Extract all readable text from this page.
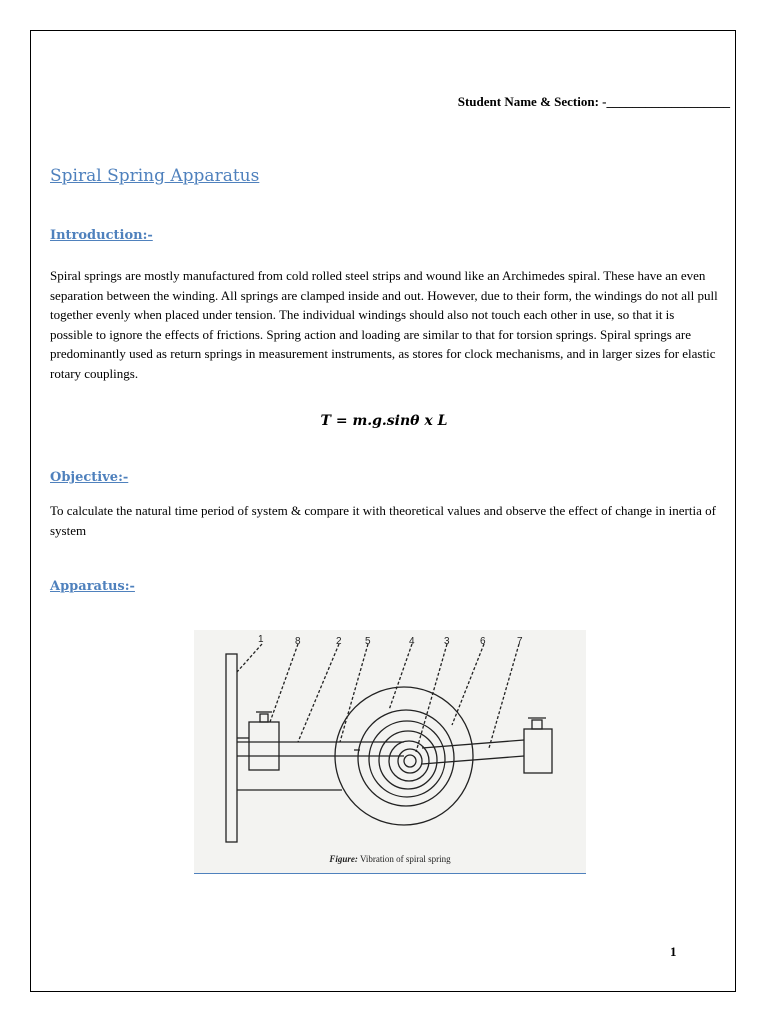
Student Name & Section: -___________________
Spiral Spring Apparatus
Introduction:-

Spiral springs are mostly manufactured from cold rolled steel strips and wound like an Archimedes spiral. These have an even separation between the winding. All springs are clamped inside and out. However, due to their form, the windings do not all pull together evenly when placed under tension. The individual windings should also not touch each other in use, so that it is possible to ignore the effects of frictions. Spring action and loading are similar to that for torsion springs. Spiral springs are predominantly used as return springs in measurement instruments, as stores for clock mechanisms, and in larger sizes for elastic rotary couplings.

T = m.g.sinθ x L
Objective:-

To calculate the natural time period of system & compare it with theoretical values and observe the effect of change in inertia of system

Apparatus:-
1	8	2 5	4	3	6	7
Figure: Vibration of spiral spring
1
